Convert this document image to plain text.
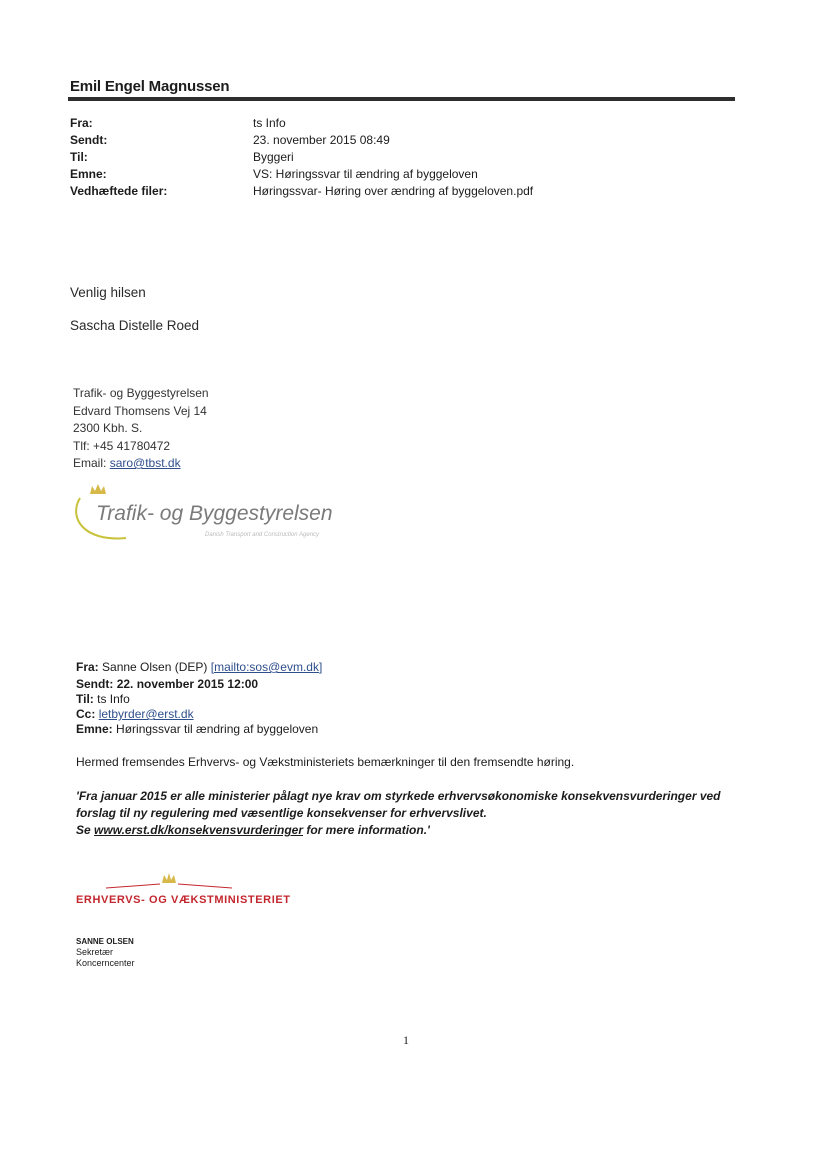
Emil Engel Magnussen
Fra:	ts Info
Sendt:	23. november 2015 08:49
Til:	Byggeri
Emne:	VS: Høringssvar til ændring af byggeloven
Vedhæftede filer:	Høringssvar- Høring over ændring af byggeloven.pdf
Venlig hilsen
Sascha Distelle Roed
Trafik- og Byggestyrelsen
Edvard Thomsens Vej 14
2300 Kbh. S.
Tlf: +45 41780472
Email: saro@tbst.dk
Trafik- og Byggestyrelsen
Danish Transport and Construction Agency
Fra: Sanne Olsen (DEP) [mailto:sos@evm.dk]
Sendt: 22. november 2015 12:00
Til: ts Info
Cc: letbyrder@erst.dk
Emne: Høringssvar til ændring af byggeloven
Hermed fremsendes Erhvervs- og Vækstministeriets bemærkninger til den fremsendte høring.
'Fra januar 2015 er alle ministerier pålagt nye krav om styrkede erhvervsøkonomiske konsekvensvurderinger ved
forslag til ny regulering med væsentlige konsekvenser for erhvervslivet.
Se www.erst.dk/konsekvensvurderinger for mere information.'
ERHVERVS- OG VÆKSTMINISTERIET
SANNE OLSEN
Sekretær
Koncerncenter
1
